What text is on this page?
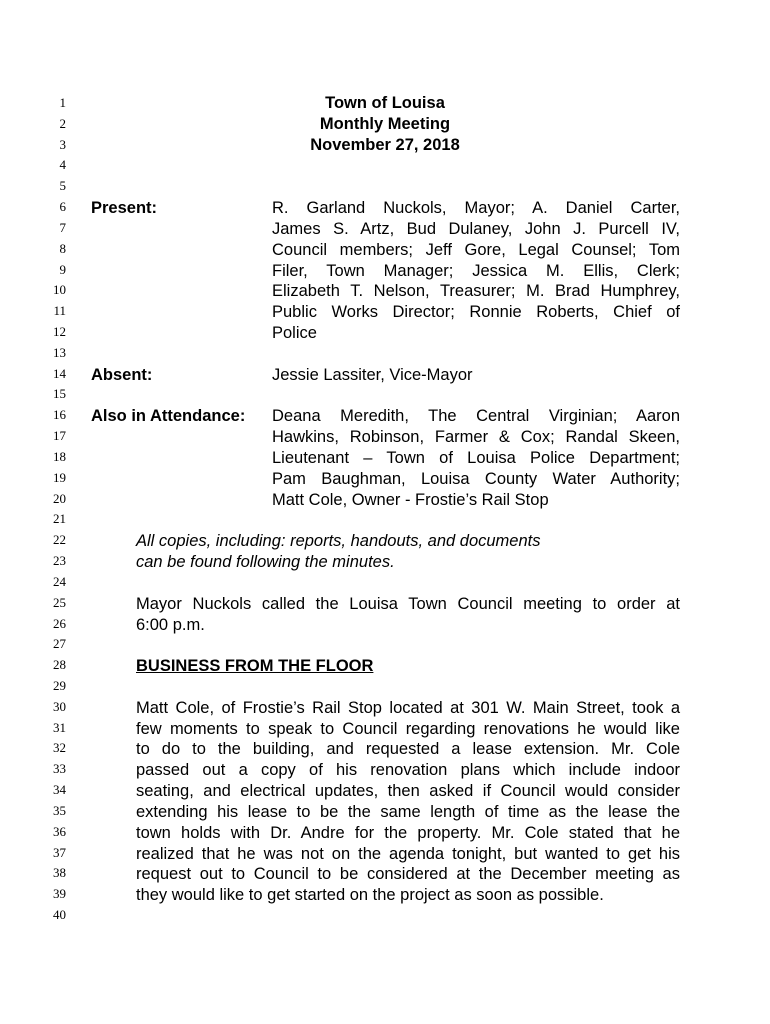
1
2
3
4
5
6
7
8
9
10
11
12
13
14
15
16
17
18
19
20
21
22
23
24
25
26
27
28
29
30
31
32
33
34
35
36
37
38
39
40
Town of Louisa
Monthly Meeting
November 27, 2018
Present:	R. Garland Nuckols, Mayor; A. Daniel Carter,
James S. Artz, Bud Dulaney, John J. Purcell IV,
Council members; Jeff Gore, Legal Counsel; Tom
Filer, Town Manager; Jessica M. Ellis, Clerk;
Elizabeth T. Nelson, Treasurer; M. Brad Humphrey,
Public Works Director; Ronnie Roberts, Chief of
Police
Absent:	Jessie Lassiter, Vice-Mayor
Also in Attendance: Deana Meredith, The Central Virginian; Aaron
Hawkins, Robinson, Farmer & Cox; Randal Skeen,
Lieutenant – Town of Louisa Police Department;
Pam Baughman, Louisa County Water Authority;
Matt Cole, Owner - Frostie’s Rail Stop
All copies, including: reports, handouts, and documents
can be found following the minutes.
Mayor Nuckols called the Louisa Town Council meeting to order at
6:00 p.m.
BUSINESS FROM THE FLOOR
Matt Cole, of Frostie’s Rail Stop located at 301 W. Main Street, took a
few moments to speak to Council regarding renovations he would like
to do to the building, and requested a lease extension. Mr. Cole
passed out a copy of his renovation plans which include indoor
seating, and electrical updates, then asked if Council would consider
extending his lease to be the same length of time as the lease the
town holds with Dr. Andre for the property. Mr. Cole stated that he
realized that he was not on the agenda tonight, but wanted to get his
request out to Council to be considered at the December meeting as
they would like to get started on the project as soon as possible.
